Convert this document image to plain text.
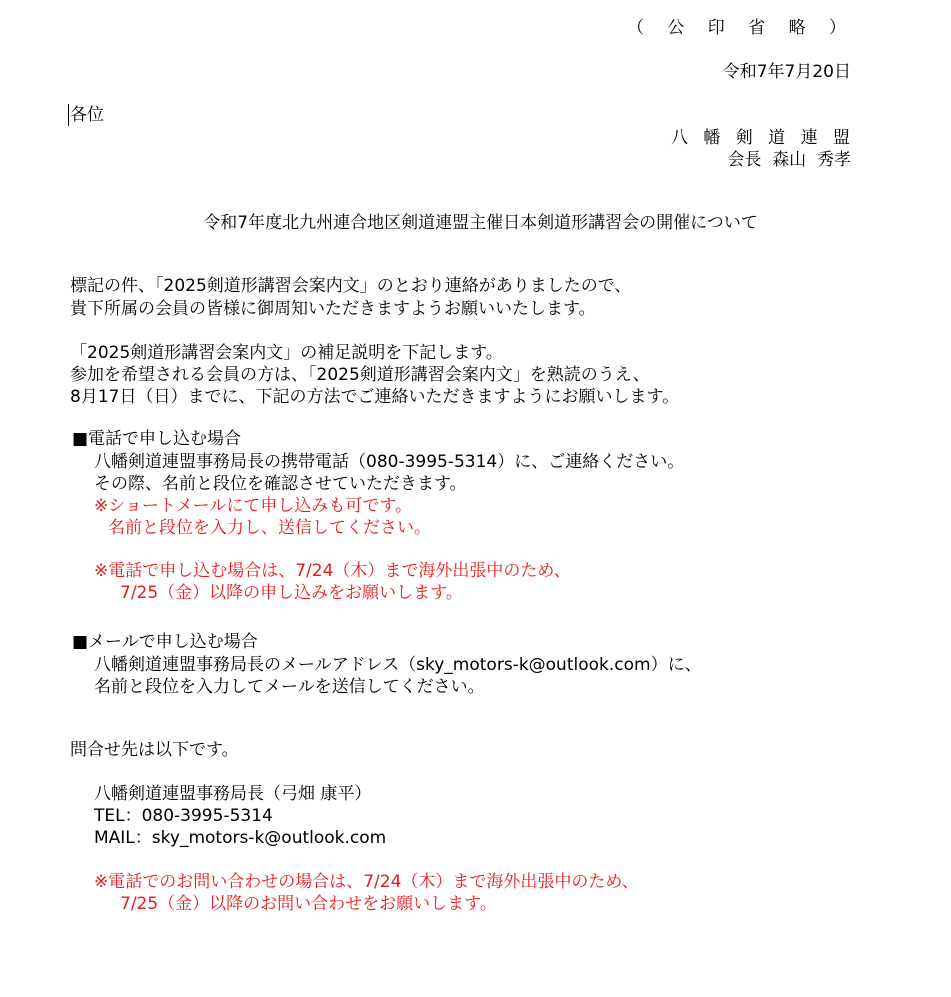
（ 公 印 省 略 ）
令和7年7月20日
各位
八 幡 剣 道 連 盟
会長  森山  秀孝
令和7年度北九州連合地区剣道連盟主催日本剣道形講習会の開催について
標記の件、「2025剣道形講習会案内文」のとおり連絡がありましたので、
貴下所属の会員の皆様に御周知いただきますようお願いいたします。
「2025剣道形講習会案内文」の補足説明を下記します。
参加を希望される会員の方は、「2025剣道形講習会案内文」を熟読のうえ、
8月17日（日）までに、下記の方法でご連絡いただきますようにお願いします。
■電話で申し込む場合
八幡剣道連盟事務局長の携帯電話（080-3995-5314）に、ご連絡ください。
その際、名前と段位を確認させていただきます。
※ショートメールにて申し込みも可です。
名前と段位を入力し、送信してください。
※電話で申し込む場合は、7/24（木）まで海外出張中のため、
7/25（金）以降の申し込みをお願いします。
■メールで申し込む場合
八幡剣道連盟事務局長のメールアドレス（sky_motors-k@outlook.com）に、
名前と段位を入力してメールを送信してください。
問合せ先は以下です。
八幡剣道連盟事務局長（弓畑 康平）
TEL：080-3995-5314
MAIL：sky_motors-k@outlook.com
※電話でのお問い合わせの場合は、7/24（木）まで海外出張中のため、
7/25（金）以降のお問い合わせをお願いします。
